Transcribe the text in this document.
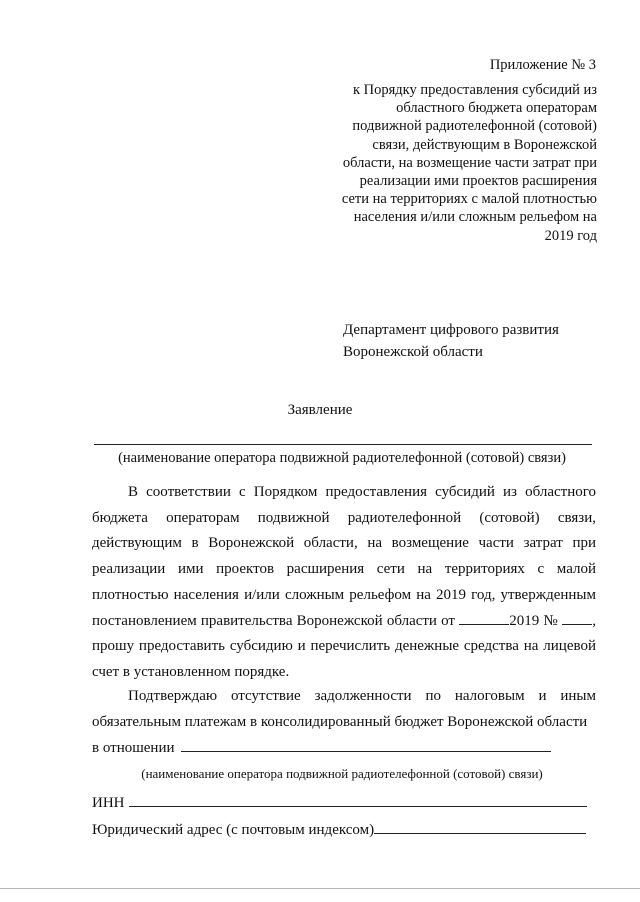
Приложение № 3
к Порядку предоставления субсидий из
областного бюджета операторам
подвижной радиотелефонной (сотовой)
связи, действующим в Воронежской
области, на возмещение части затрат при
реализации ими проектов расширения
сети на территориях с малой плотностью
населения и/или сложным рельефом на
2019 год
Департамент цифрового развития
Воронежской области
Заявление
(наименование оператора подвижной радиотелефонной (сотовой) связи)
В соответствии с Порядком предоставления субсидий из областного бюджета операторам подвижной радиотелефонной (сотовой) связи, действующим в Воронежской области, на возмещение части затрат при реализации ими проектов расширения сети на территориях с малой плотностью населения и/или сложным рельефом на 2019 год, утвержденным постановлением правительства Воронежской области от	2019 № , прошу предоставить субсидию и перечислить денежные средства на лицевой счет в установленном порядке.
Подтверждаю отсутствие задолженности по налоговым и иным обязательным платежам в консолидированный бюджет Воронежской области
в отношении
(наименование оператора подвижной радиотелефонной (сотовой) связи)
ИНН
Юридический адрес (с почтовым индексом)
